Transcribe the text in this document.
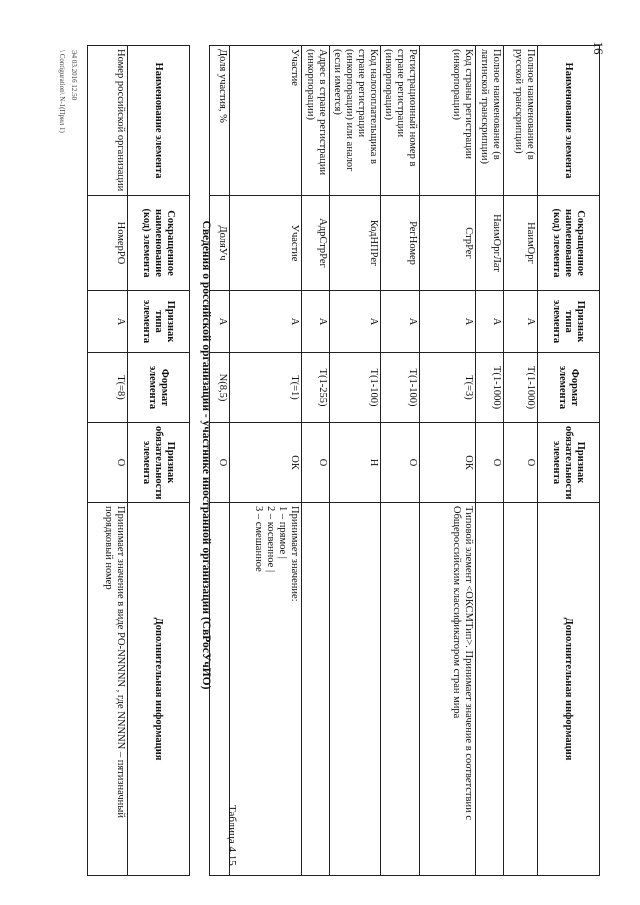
16
Наименование элемента	Сокращенное наименование (код) элемента	Признак типа элемента	Формат элемента	Признак обязательности элемента	Дополнительная информация
Полное наименование (в русской транскрипции)	НаимОрг	А	T(1-1000)	О	
Полное наименование (в латинской транскрипции)	НаимОргЛат	А	T(1-1000)	О	
Код страны регистрации (инкорпорации)	СтрРег	А	T(=3)	ОК	Типовой элемент <ОКСМТип>. Принимает значение в соответствии с Общероссийским классификатором стран мира
Регистрационный номер в стране регистрации (инкорпорации)	РегНомер	А	T(1-100)	О	
Код налогоплательщика в стране регистрации (инкорпорации) или аналог (если имеется)	КодНПРег	А	T(1-100)	Н	
Адрес в стране регистрации (инкорпорации)	АдрСтрРег	А	T(1-255)	О	
Участие	Участие	А	T(=1)	ОК	Принимает значение:
1 – прямое |
2 – косвенное |
3 – смешанное
Доля участия, %	ДоляУч	А	N(8,5)	О	
Таблица 4.15
Сведения о российской организации - участнике иностранной организации (СвРосУчИО)
Наименование элемента	Сокращенное наименование (код) элемента	Признак типа элемента	Формат элемента	Признак обязательности элемента	Дополнительная информация
Номер российской организации	НомерРО	А	T(=8)	О	Принимает значение в виде РО-NNNNN , где NNNNN – пятизначный порядковый номер
Э4 03.2016 12.50
\ Contiguration\ N-1(Прил 1)
